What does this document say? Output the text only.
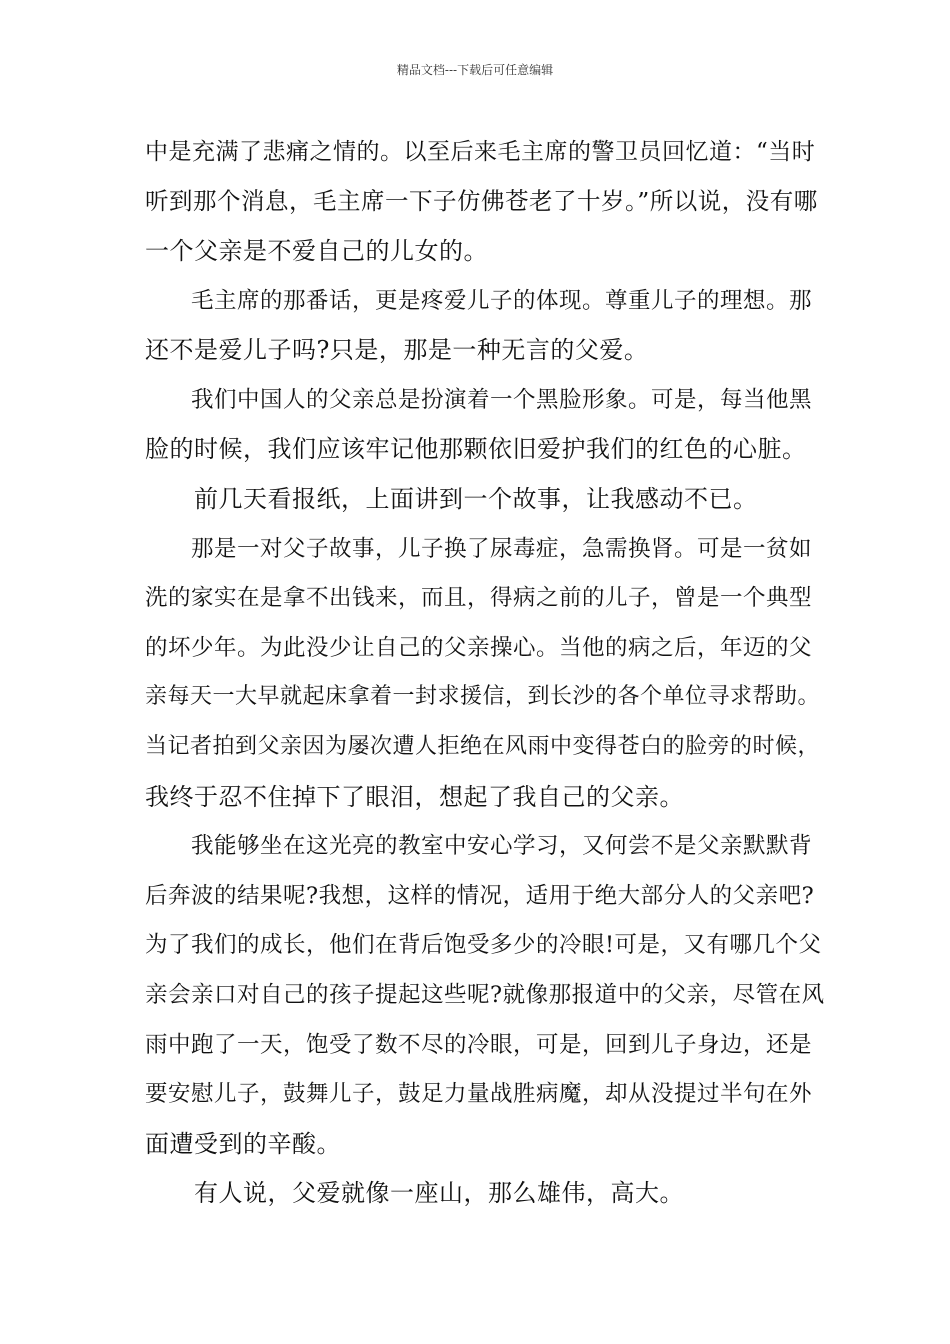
精品文档---下载后可任意编辑
中是充满了悲痛之情的。以至后来毛主席的警卫员回忆道：“当时
听到那个消息，毛主席一下子仿佛苍老了十岁。”所以说，没有哪
一个父亲是不爱自己的儿女的。
　　毛主席的那番话，更是疼爱儿子的体现。尊重儿子的理想。那
还不是爱儿子吗?只是，那是一种无言的父爱。
　　我们中国人的父亲总是扮演着一个黑脸形象。可是，每当他黑
脸的时候，我们应该牢记他那颗依旧爱护我们的红色的心脏。
　　前几天看报纸，上面讲到一个故事，让我感动不已。
　　那是一对父子故事，儿子换了尿毒症，急需换肾。可是一贫如
洗的家实在是拿不出钱来，而且，得病之前的儿子，曾是一个典型
的坏少年。为此没少让自己的父亲操心。当他的病之后，年迈的父
亲每天一大早就起床拿着一封求援信，到长沙的各个单位寻求帮助。
当记者拍到父亲因为屡次遭人拒绝在风雨中变得苍白的脸旁的时候，
我终于忍不住掉下了眼泪，想起了我自己的父亲。
　　我能够坐在这光亮的教室中安心学习，又何尝不是父亲默默背
后奔波的结果呢?我想，这样的情况，适用于绝大部分人的父亲吧?
为了我们的成长，他们在背后饱受多少的冷眼!可是，又有哪几个父
亲会亲口对自己的孩子提起这些呢?就像那报道中的父亲，尽管在风
雨中跑了一天，饱受了数不尽的冷眼，可是，回到儿子身边，还是
要安慰儿子，鼓舞儿子，鼓足力量战胜病魔，却从没提过半句在外
面遭受到的辛酸。
　　有人说，父爱就像一座山，那么雄伟，高大。
